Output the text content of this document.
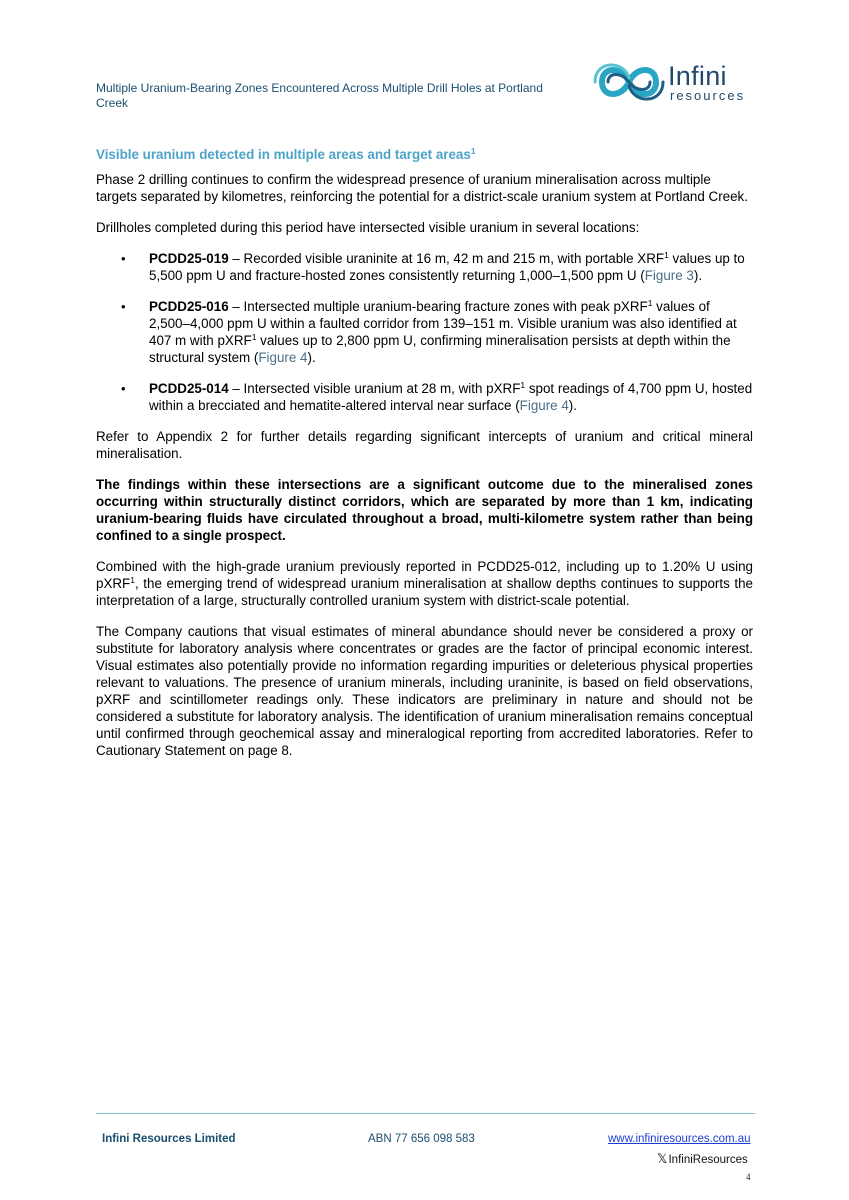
Multiple Uranium-Bearing Zones Encountered Across Multiple Drill Holes at Portland Creek
Infini
resources
Visible uranium detected in multiple areas and target areas$^1$

Phase 2 drilling continues to confirm the widespread presence of uranium mineralisation across multiple targets separated by kilometres, reinforcing the potential for a district-scale uranium system at Portland Creek.

Drillholes completed during this period have intersected visible uranium in several locations:

• PCDD25-019 – Recorded visible uraninite at 16 m, 42 m and 215 m, with portable XRF$^1$ values up to 5,500 ppm U and fracture-hosted zones consistently returning 1,000–1,500 ppm U (Figure 3).
• PCDD25-016 – Intersected multiple uranium-bearing fracture zones with peak pXRF$^1$ values of 2,500–4,000 ppm U within a faulted corridor from 139–151 m. Visible uranium was also identified at 407 m with pXRF$^1$ values up to 2,800 ppm U, confirming mineralisation persists at depth within the structural system (Figure 4).
• PCDD25-014 – Intersected visible uranium at 28 m, with pXRF$^1$ spot readings of 4,700 ppm U, hosted within a brecciated and hematite-altered interval near surface (Figure 4).

Refer to Appendix 2 for further details regarding significant intercepts of uranium and critical mineral mineralisation.

The findings within these intersections are a significant outcome due to the mineralised zones occurring within structurally distinct corridors, which are separated by more than 1 km, indicating uranium-bearing fluids have circulated throughout a broad, multi-kilometre system rather than being confined to a single prospect.

Combined with the high-grade uranium previously reported in PCDD25-012, including up to 1.20% U using pXRF$^1$, the emerging trend of widespread uranium mineralisation at shallow depths continues to supports the interpretation of a large, structurally controlled uranium system with district-scale potential.

The Company cautions that visual estimates of mineral abundance should never be considered a proxy or substitute for laboratory analysis where concentrates or grades are the factor of principal economic interest. Visual estimates also potentially provide no information regarding impurities or deleterious physical properties relevant to valuations. The presence of uranium minerals, including uraninite, is based on field observations, pXRF and scintillometer readings only. These indicators are preliminary in nature and should not be considered a substitute for laboratory analysis. The identification of uranium mineralisation remains conceptual until confirmed through geochemical assay and mineralogical reporting from accredited laboratories. Refer to Cautionary Statement on page 8.

Infini Resources Limited	ABN 77 656 098 583	www.infiniresources.com.au
𝕏InfiniResources
4
